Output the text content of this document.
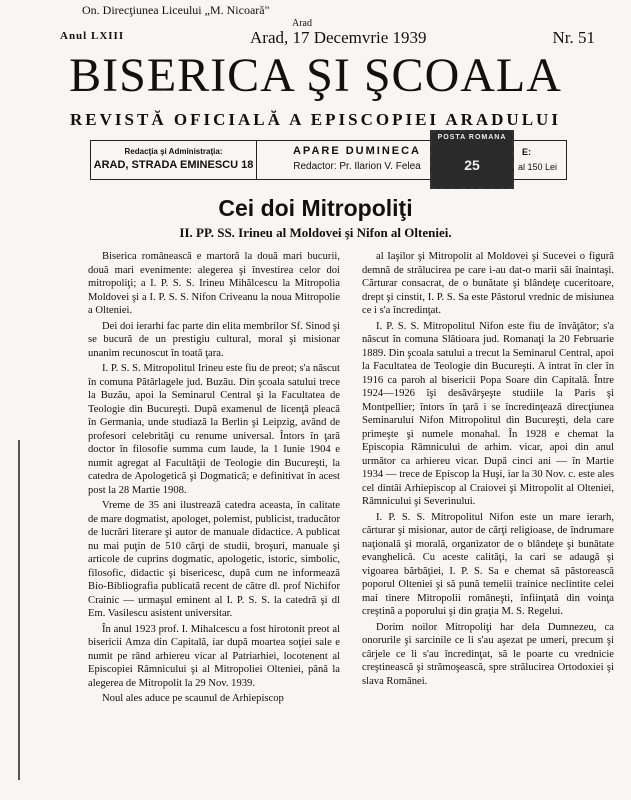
On. Direcţiunea Liceului „M. Nicoară"
Arad
Anul LXIII	Arad, 17 Decemvrie 1939	Nr. 51
BISERICA ŞI ŞCOALA
REVISTĂ OFICIALĂ A EPISCOPIEI ARADULUI
Redacţia şi Administraţia:
ARAD, STRADA EMINESCU 18
APARE DUMINECA
Redactor: Pr. Ilarion V. Felea
E:
al 150 Lei
POSTA ROMANA
25
Cei doi Mitropoliţi
II. PP. SS. Irineu al Moldovei şi Nifon al Olteniei.

Biserica românească e martoră la două mari bucurii, două mari evenimente: alegerea şi învestirea celor doi mitropoliţi; a I. P. S. S. Irineu Mihălcescu la Mitropolia Moldovei şi a I. P. S. S. Nifon Criveanu la noua Mitropolie a Olteniei.

Dei doi ierarhi fac parte din elita membrilor Sf. Sinod şi se bucură de un prestigiu cultural, moral şi misionar unanim recunoscut în toată ţara.

I. P. S. S. Mitropolitul Irineu este fiu de preot; s'a născut în comuna Pătârlagele jud. Buzău. Din şcoala satului trece la Buzău, apoi la Seminarul Central şi la Facultatea de Teologie din Bucureşti. După examenul de licenţă pleacă în Germania, unde studiază la Berlin şi Leipzig, având de profesori celebrităţi cu renume universal. Întors în ţară doctor în filosofie summa cum laude, la 1 Iunie 1904 e numit agregat al Facultăţii de Teologie din Bucureşti, la catedra de Apologetică şi Dogmatică; e definitivat în acest post la 28 Martie 1908.

Vreme de 35 ani ilustrează catedra aceasta, în calitate de mare dogmatist, apologet, polemist, publicist, traducător de lucrări literare şi autor de manuale didactice. A publicat nu mai puţin de 510 cărţi de studii, broşuri, manuale şi articole de cuprins dogmatic, apologetic, istoric, simbolic, filosofic, didactic şi bisericesc, după cum ne informează Bio-Bibliografia publicată recent de către dl. prof Nichifor Crainic — urmaşul eminent al I. P. S. S. la catedră şi dl Em. Vasilescu asistent universitar.

În anul 1923 prof. I. Mihalcescu a fost hirotonit preot al bisericii Amza din Capitală, iar după moartea soţiei sale e numit pe rând arhiereu vicar al Patriarhiei, locotenent al Episcopiei Râmnicului şi al Mitropoliei Olteniei, până la alegerea de Mitropolit la 29 Nov. 1939.

Noul ales aduce pe scaunul de Arhiepiscop

al Iaşilor şi Mitropolit al Moldovei şi Sucevei o figură demnă de strălucirea pe care i-au dat-o marii săi înaintaşi. Cărturar consacrat, de o bunătate şi blândeţe cuceritoare, drept şi cinstit, I. P. S. Sa este Păstorul vrednic de misiunea ce i s'a încredinţat.

I. P. S. S. Mitropolitul Nifon este fiu de învăţător; s'a născut în comuna Slătioara jud. Romanaţi la 20 Februarie 1889. Din şcoala satului a trecut la Seminarul Central, apoi la Facultatea de Teologie din Bucureşti. A intrat în cler în 1916 ca paroh al bisericii Popa Soare din Capitală. Între 1924—1926 îşi desăvârşeşte studiile la Paris şi Montpellier; întors în ţară i se încredinţează direcţiunea Seminarului Nifon Mitropolitul din Bucureşti, dela care primeşte şi numele monahal. În 1928 e chemat la Episcopia Râmnicului de arhim. vicar, apoi din anul următor ca arhiereu vicar. După cinci ani — în Martie 1934 — trece de Episcop la Huşi, iar la 30 Nov. c. este ales cel dintâi Arhiepiscop al Craiovei şi Mitropolit al Olteniei, Râmnicului şi Severinului.

I. P. S. S. Mitropolitul Nifon este un mare ierarh, cărturar şi misionar, autor de cărţi religioase, de îndrumare naţională şi morală, organizator de o blândeţe şi bunătate evanghelică. Cu aceste calităţi, la cari se adaugă şi vigoarea bărbăţiei, I. P. S. Sa e chemat să păstorească poporul Olteniei şi să pună temelii trainice neclintite celei mai tinere Mitropolii româneşti, înfiinţată din voinţa creştină a poporului şi din graţia M. S. Regelui.

Dorim noilor Mitropoliţi har dela Dumnezeu, ca onorurile şi sarcinile ce li s'au aşezat pe umeri, precum şi cârjele ce li s'au încredinţat, să le poarte cu vrednicie creştinească şi strămoşească, spre strălucirea Ortodoxiei şi slava Românei.
